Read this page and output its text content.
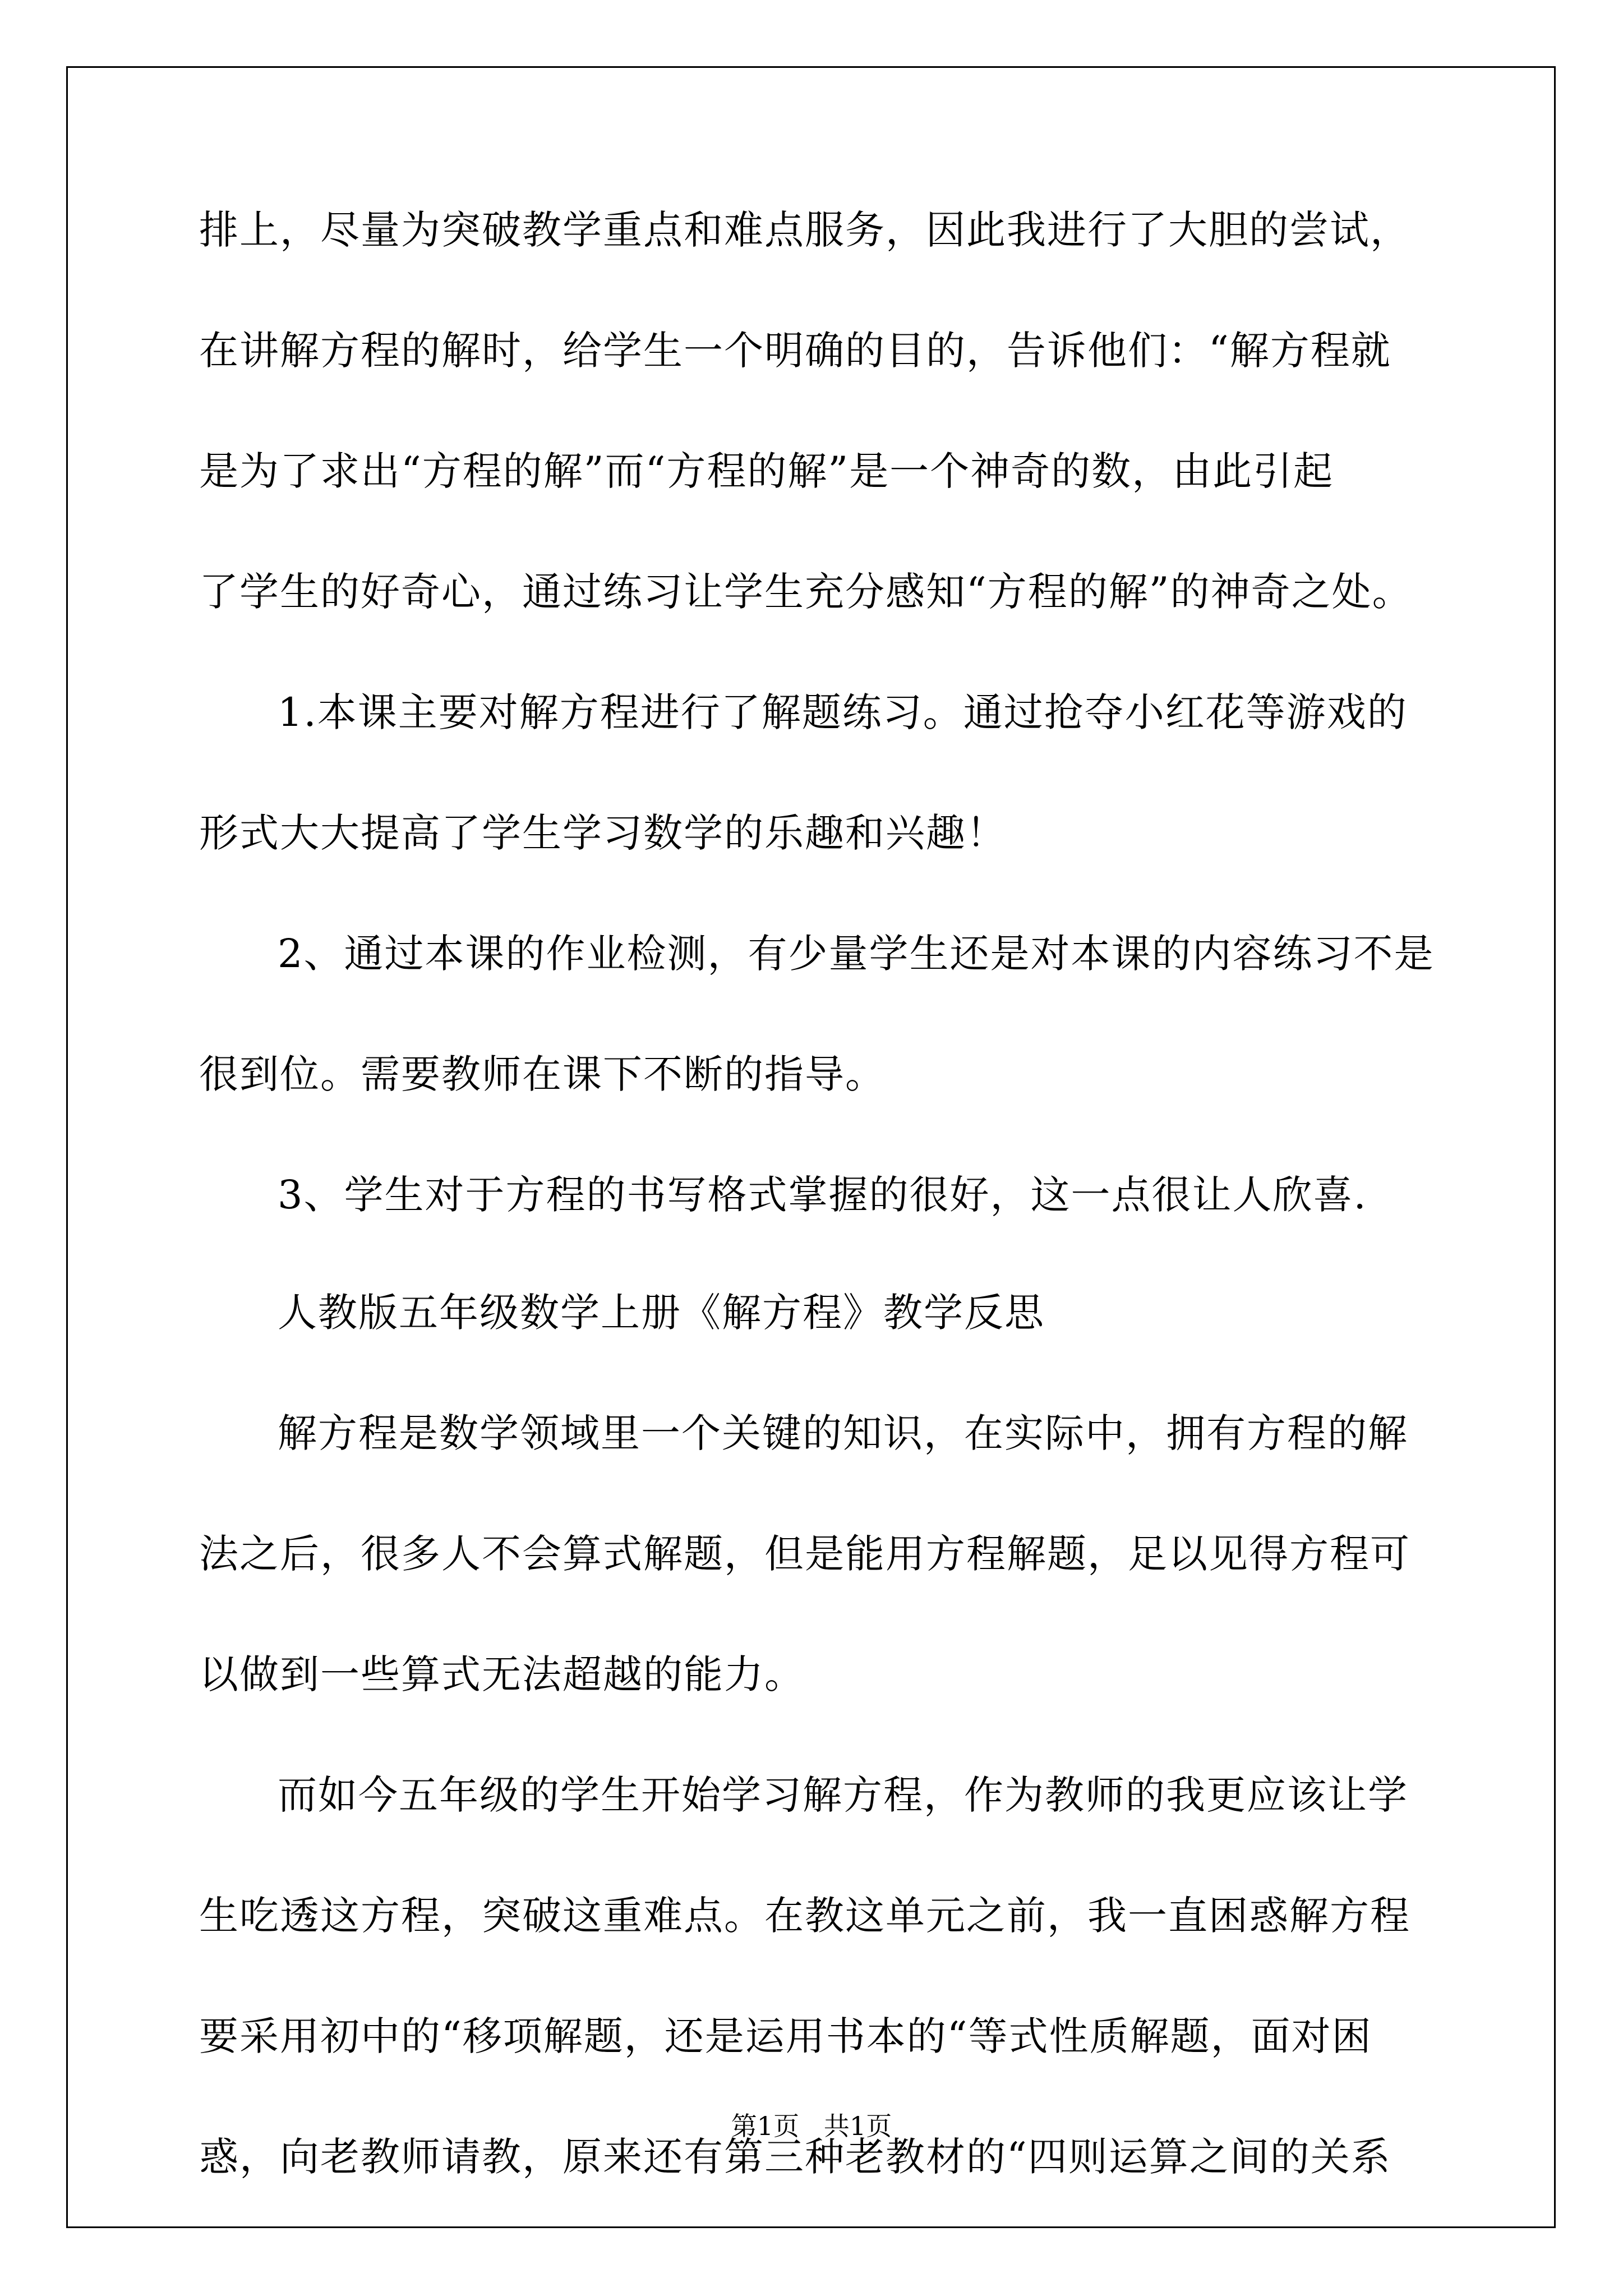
排上，尽量为突破教学重点和难点服务，因此我进行了大胆的尝试，
在讲解方程的解时，给学生一个明确的目的，告诉他们：“解方程就
是为了求出“方程的解”而“方程的解”是一个神奇的数，由此引起
了学生的好奇心，通过练习让学生充分感知“方程的解”的神奇之处。
1.本课主要对解方程进行了解题练习。通过抢夺小红花等游戏的
形式大大提高了学生学习数学的乐趣和兴趣！
2、通过本课的作业检测，有少量学生还是对本课的内容练习不是
很到位。需要教师在课下不断的指导。
3、学生对于方程的书写格式掌握的很好，这一点很让人欣喜.
人教版五年级数学上册《解方程》教学反思
解方程是数学领域里一个关键的知识，在实际中，拥有方程的解
法之后，很多人不会算式解题，但是能用方程解题，足以见得方程可
以做到一些算式无法超越的能力。
而如今五年级的学生开始学习解方程，作为教师的我更应该让学
生吃透这方程，突破这重难点。在教这单元之前，我一直困惑解方程
要采用初中的“移项解题，还是运用书本的“等式性质解题，面对困
惑，向老教师请教，原来还有第三种老教材的“四则运算之间的关系
第1页   共1页
